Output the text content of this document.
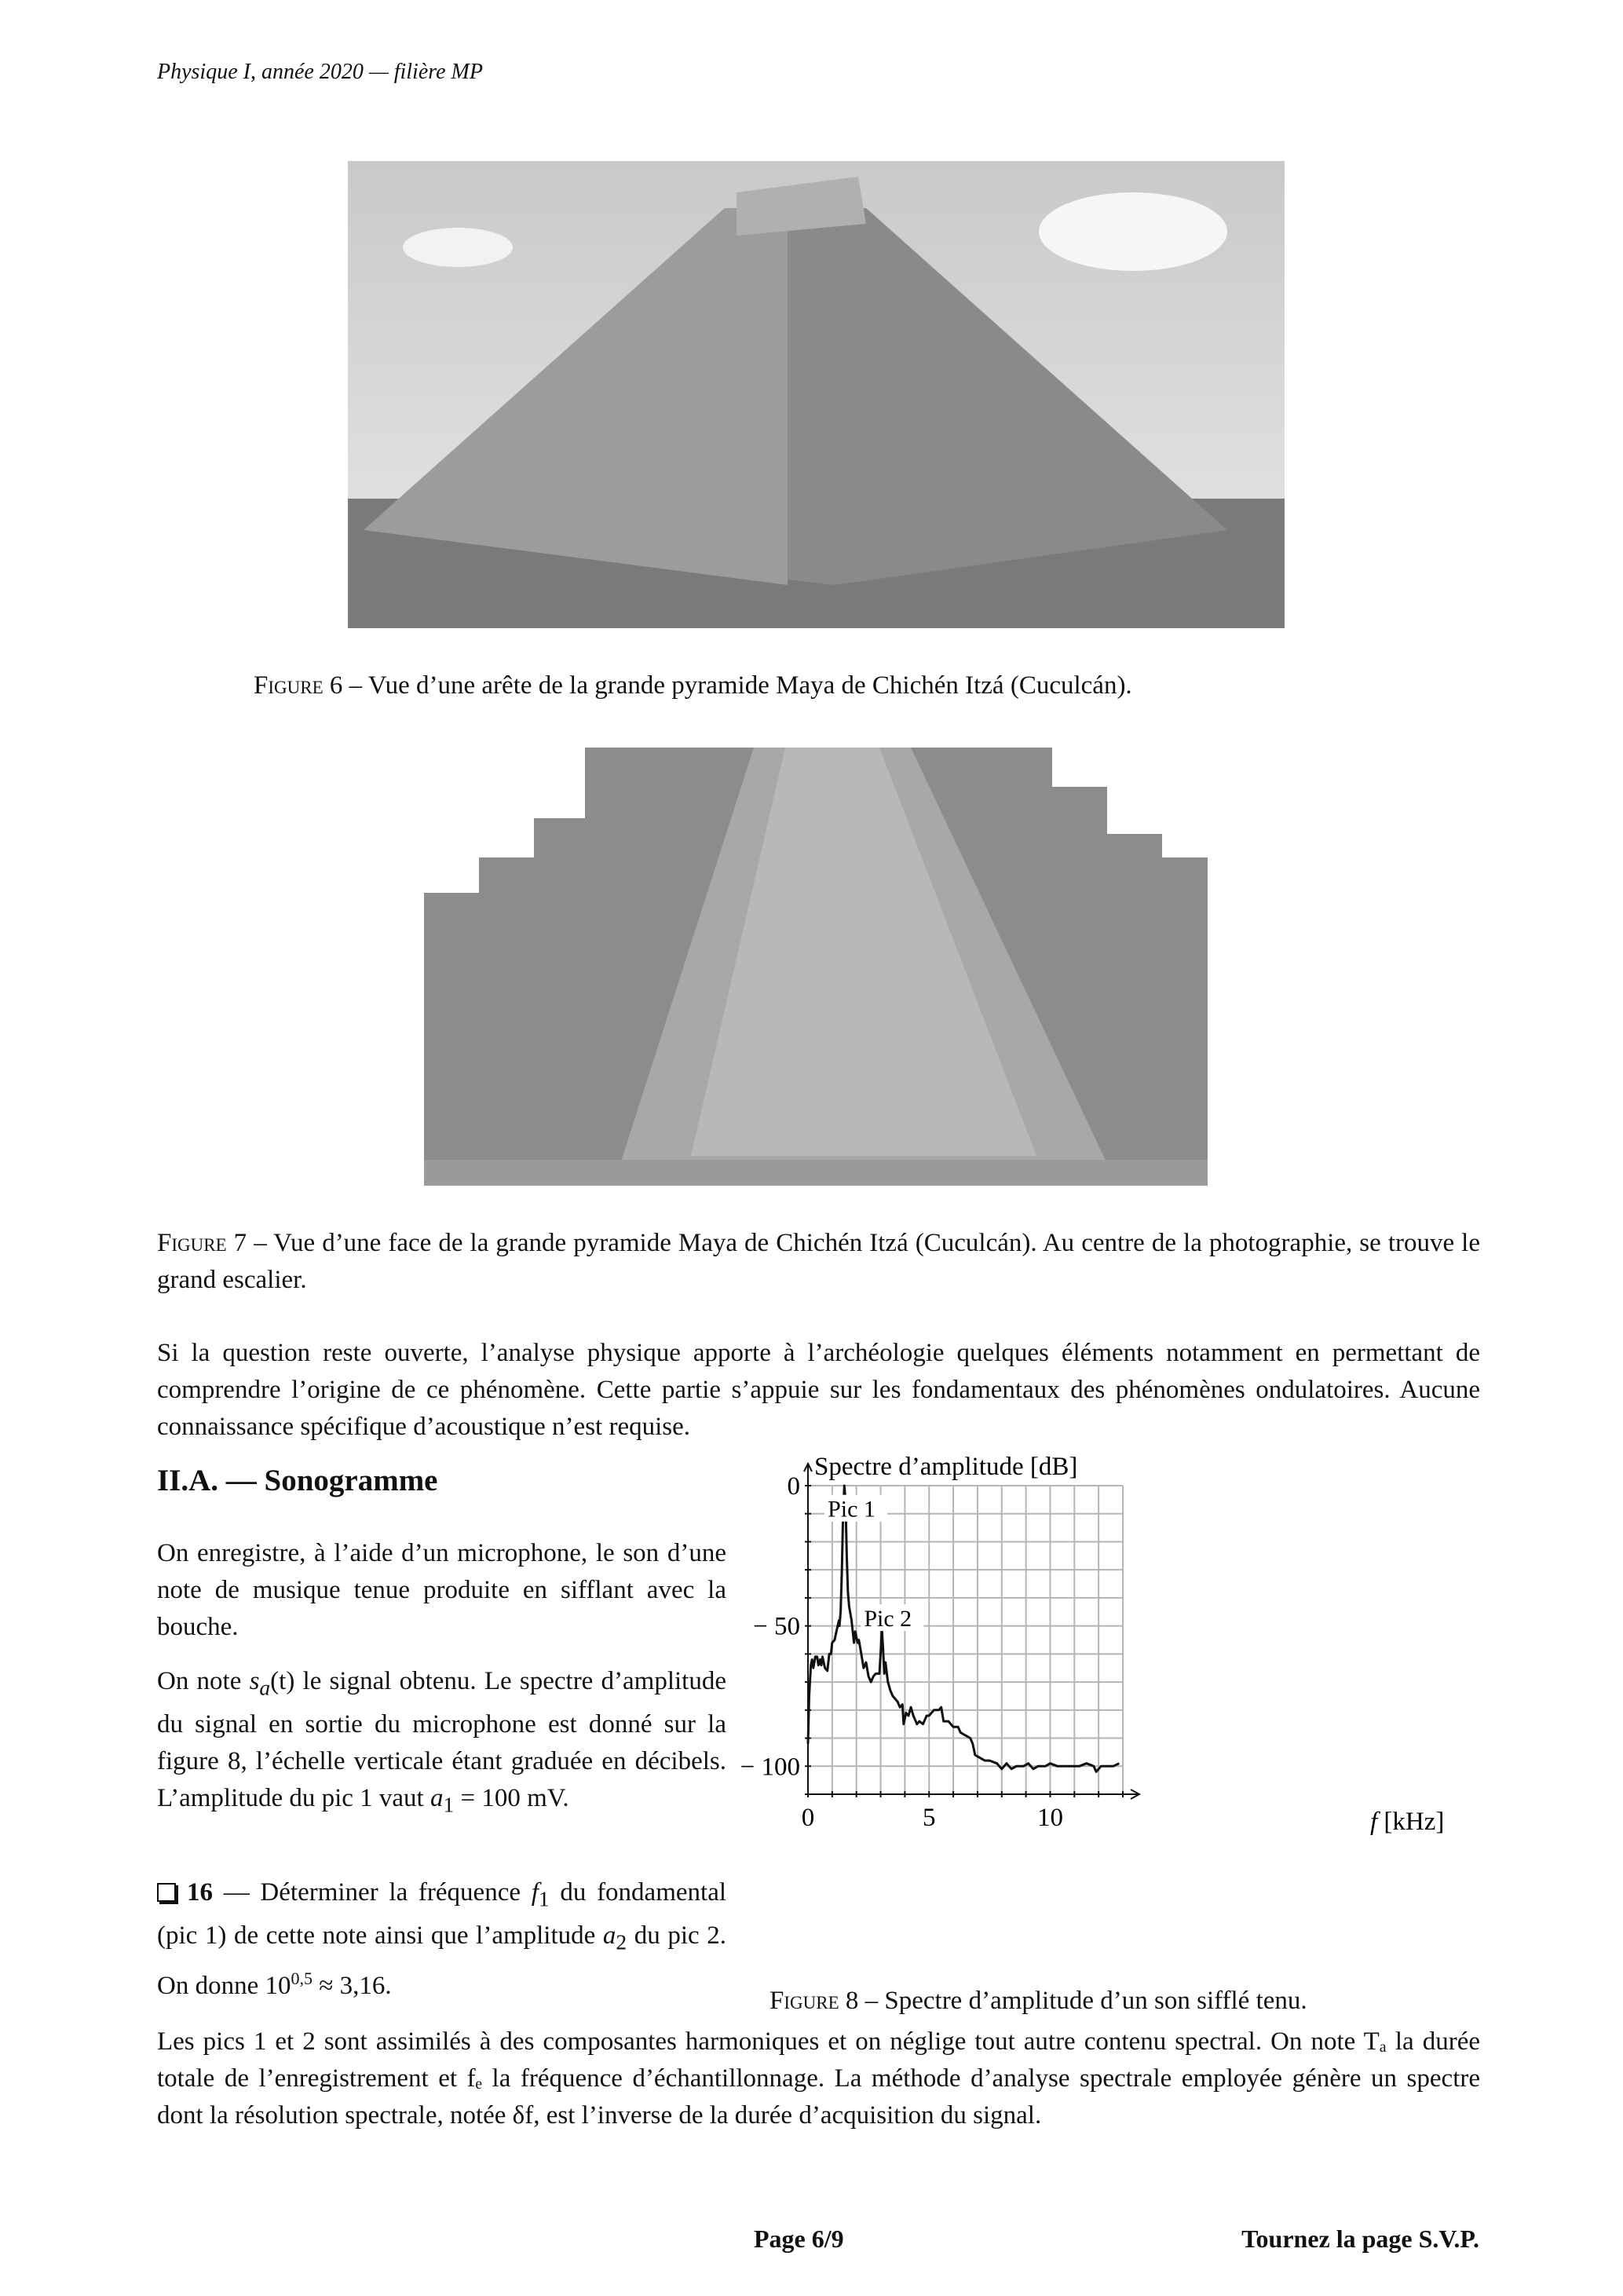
Physique I, année 2020 — filière MP
Figure 6 – Vue d’une arête de la grande pyramide Maya de Chichén Itzá (Cuculcán).
Figure 7 – Vue d’une face de la grande pyramide Maya de Chichén Itzá (Cuculcán). Au centre de la photographie, se trouve le grand escalier.

Si la question reste ouverte, l’analyse physique apporte à l’archéologie quelques éléments notamment en permettant de comprendre l’origine de ce phénomène. Cette partie s’appuie sur les fondamentaux des phénomènes ondulatoires. Aucune connaissance spécifique d’acoustique n’est requise.

II.A. — Sonogramme

On enregistre, à l’aide d’un microphone, le son d’une note de musique tenue produite en sifflant avec la bouche.

On note $s_a(t)$ le signal obtenu. Le spectre d’amplitude du signal en sortie du microphone est donné sur la figure 8, l’échelle verticale étant graduée en décibels. L’amplitude du pic 1 vaut $a_1 = 100$ mV.

16 — Déterminer la fréquence $f_1$ du fondamental (pic 1) de cette note ainsi que l’amplitude $a_2$ du pic 2. On donne $10^{0,5} \approx 3,16$.

Spectre d’amplitude [dB]
f [kHz]
0	5	10
0
− 50
− 100
Pic 1
Pic 2
Figure 8 – Spectre d’amplitude d’un son sifflé tenu.

Les pics 1 et 2 sont assimilés à des composantes harmoniques et on néglige tout autre contenu spectral. On note Tₐ la durée totale de l’enregistrement et fₑ la fréquence d’échantillonnage. La méthode d’analyse spectrale employée génère un spectre dont la résolution spectrale, notée δf, est l’inverse de la durée d’acquisition du signal.

Page 6/9	Tournez la page S.V.P.
